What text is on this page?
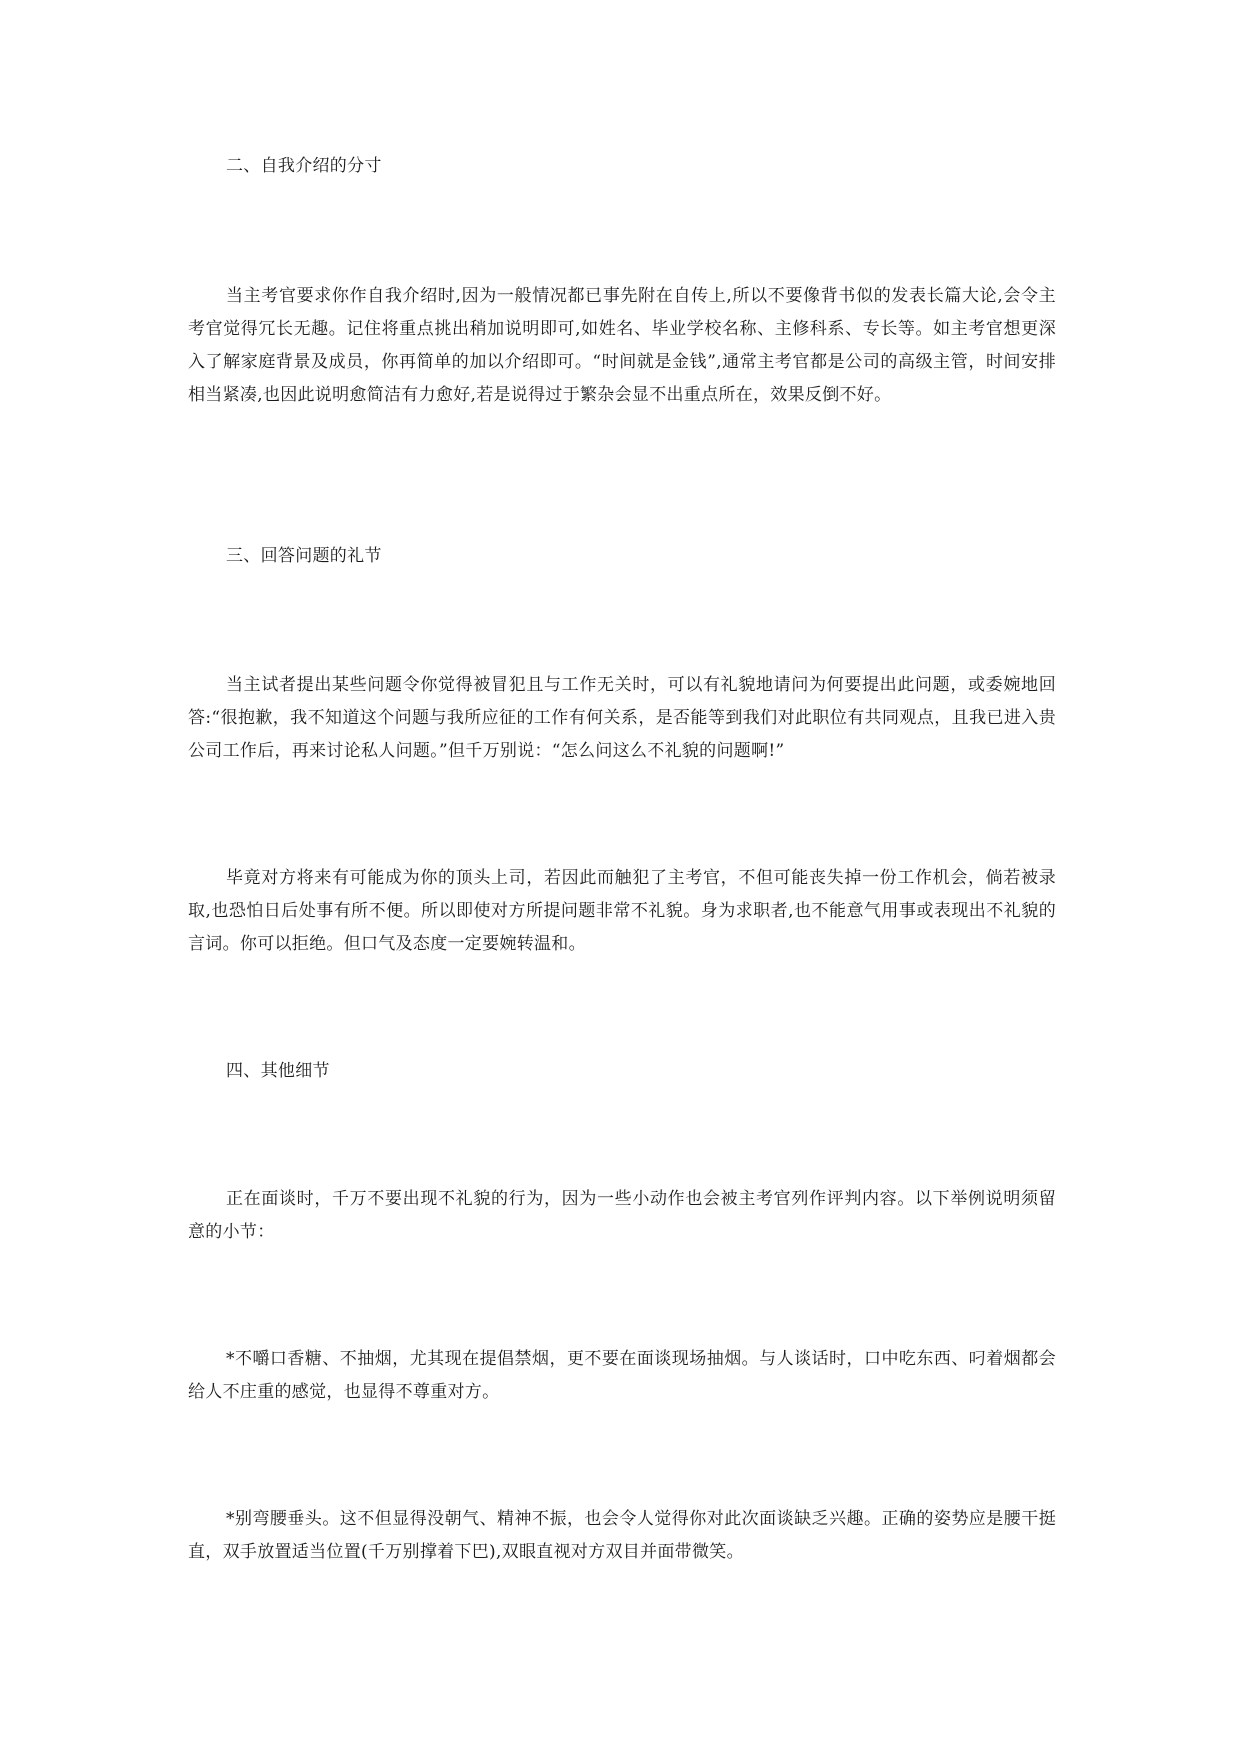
二、自我介绍的分寸

当主考官要求你作自我介绍时,因为一般情况都已事先附在自传上,所以不要像背书似的发表长篇大论,会令主考官觉得冗长无趣。记住将重点挑出稍加说明即可,如姓名、毕业学校名称、主修科系、专长等。如主考官想更深入了解家庭背景及成员，你再简单的加以介绍即可。“时间就是金钱”,通常主考官都是公司的高级主管，时间安排相当紧凑,也因此说明愈简洁有力愈好,若是说得过于繁杂会显不出重点所在，效果反倒不好。

三、回答问题的礼节

当主试者提出某些问题令你觉得被冒犯且与工作无关时，可以有礼貌地请问为何要提出此问题，或委婉地回答:“很抱歉，我不知道这个问题与我所应征的工作有何关系，是否能等到我们对此职位有共同观点，且我已进入贵公司工作后，再来讨论私人问题。”但千万别说：“怎么问这么不礼貌的问题啊!”

毕竟对方将来有可能成为你的顶头上司，若因此而触犯了主考官，不但可能丧失掉一份工作机会，倘若被录取,也恐怕日后处事有所不便。所以即使对方所提问题非常不礼貌。身为求职者,也不能意气用事或表现出不礼貌的言词。你可以拒绝。但口气及态度一定要婉转温和。

四、其他细节

正在面谈时，千万不要出现不礼貌的行为，因为一些小动作也会被主考官列作评判内容。以下举例说明须留意的小节：

*不嚼口香糖、不抽烟，尤其现在提倡禁烟，更不要在面谈现场抽烟。与人谈话时，口中吃东西、叼着烟都会给人不庄重的感觉，也显得不尊重对方。

*别弯腰垂头。这不但显得没朝气、精神不振，也会令人觉得你对此次面谈缺乏兴趣。正确的姿势应是腰干挺直，双手放置适当位置(千万别撑着下巴),双眼直视对方双目并面带微笑。
